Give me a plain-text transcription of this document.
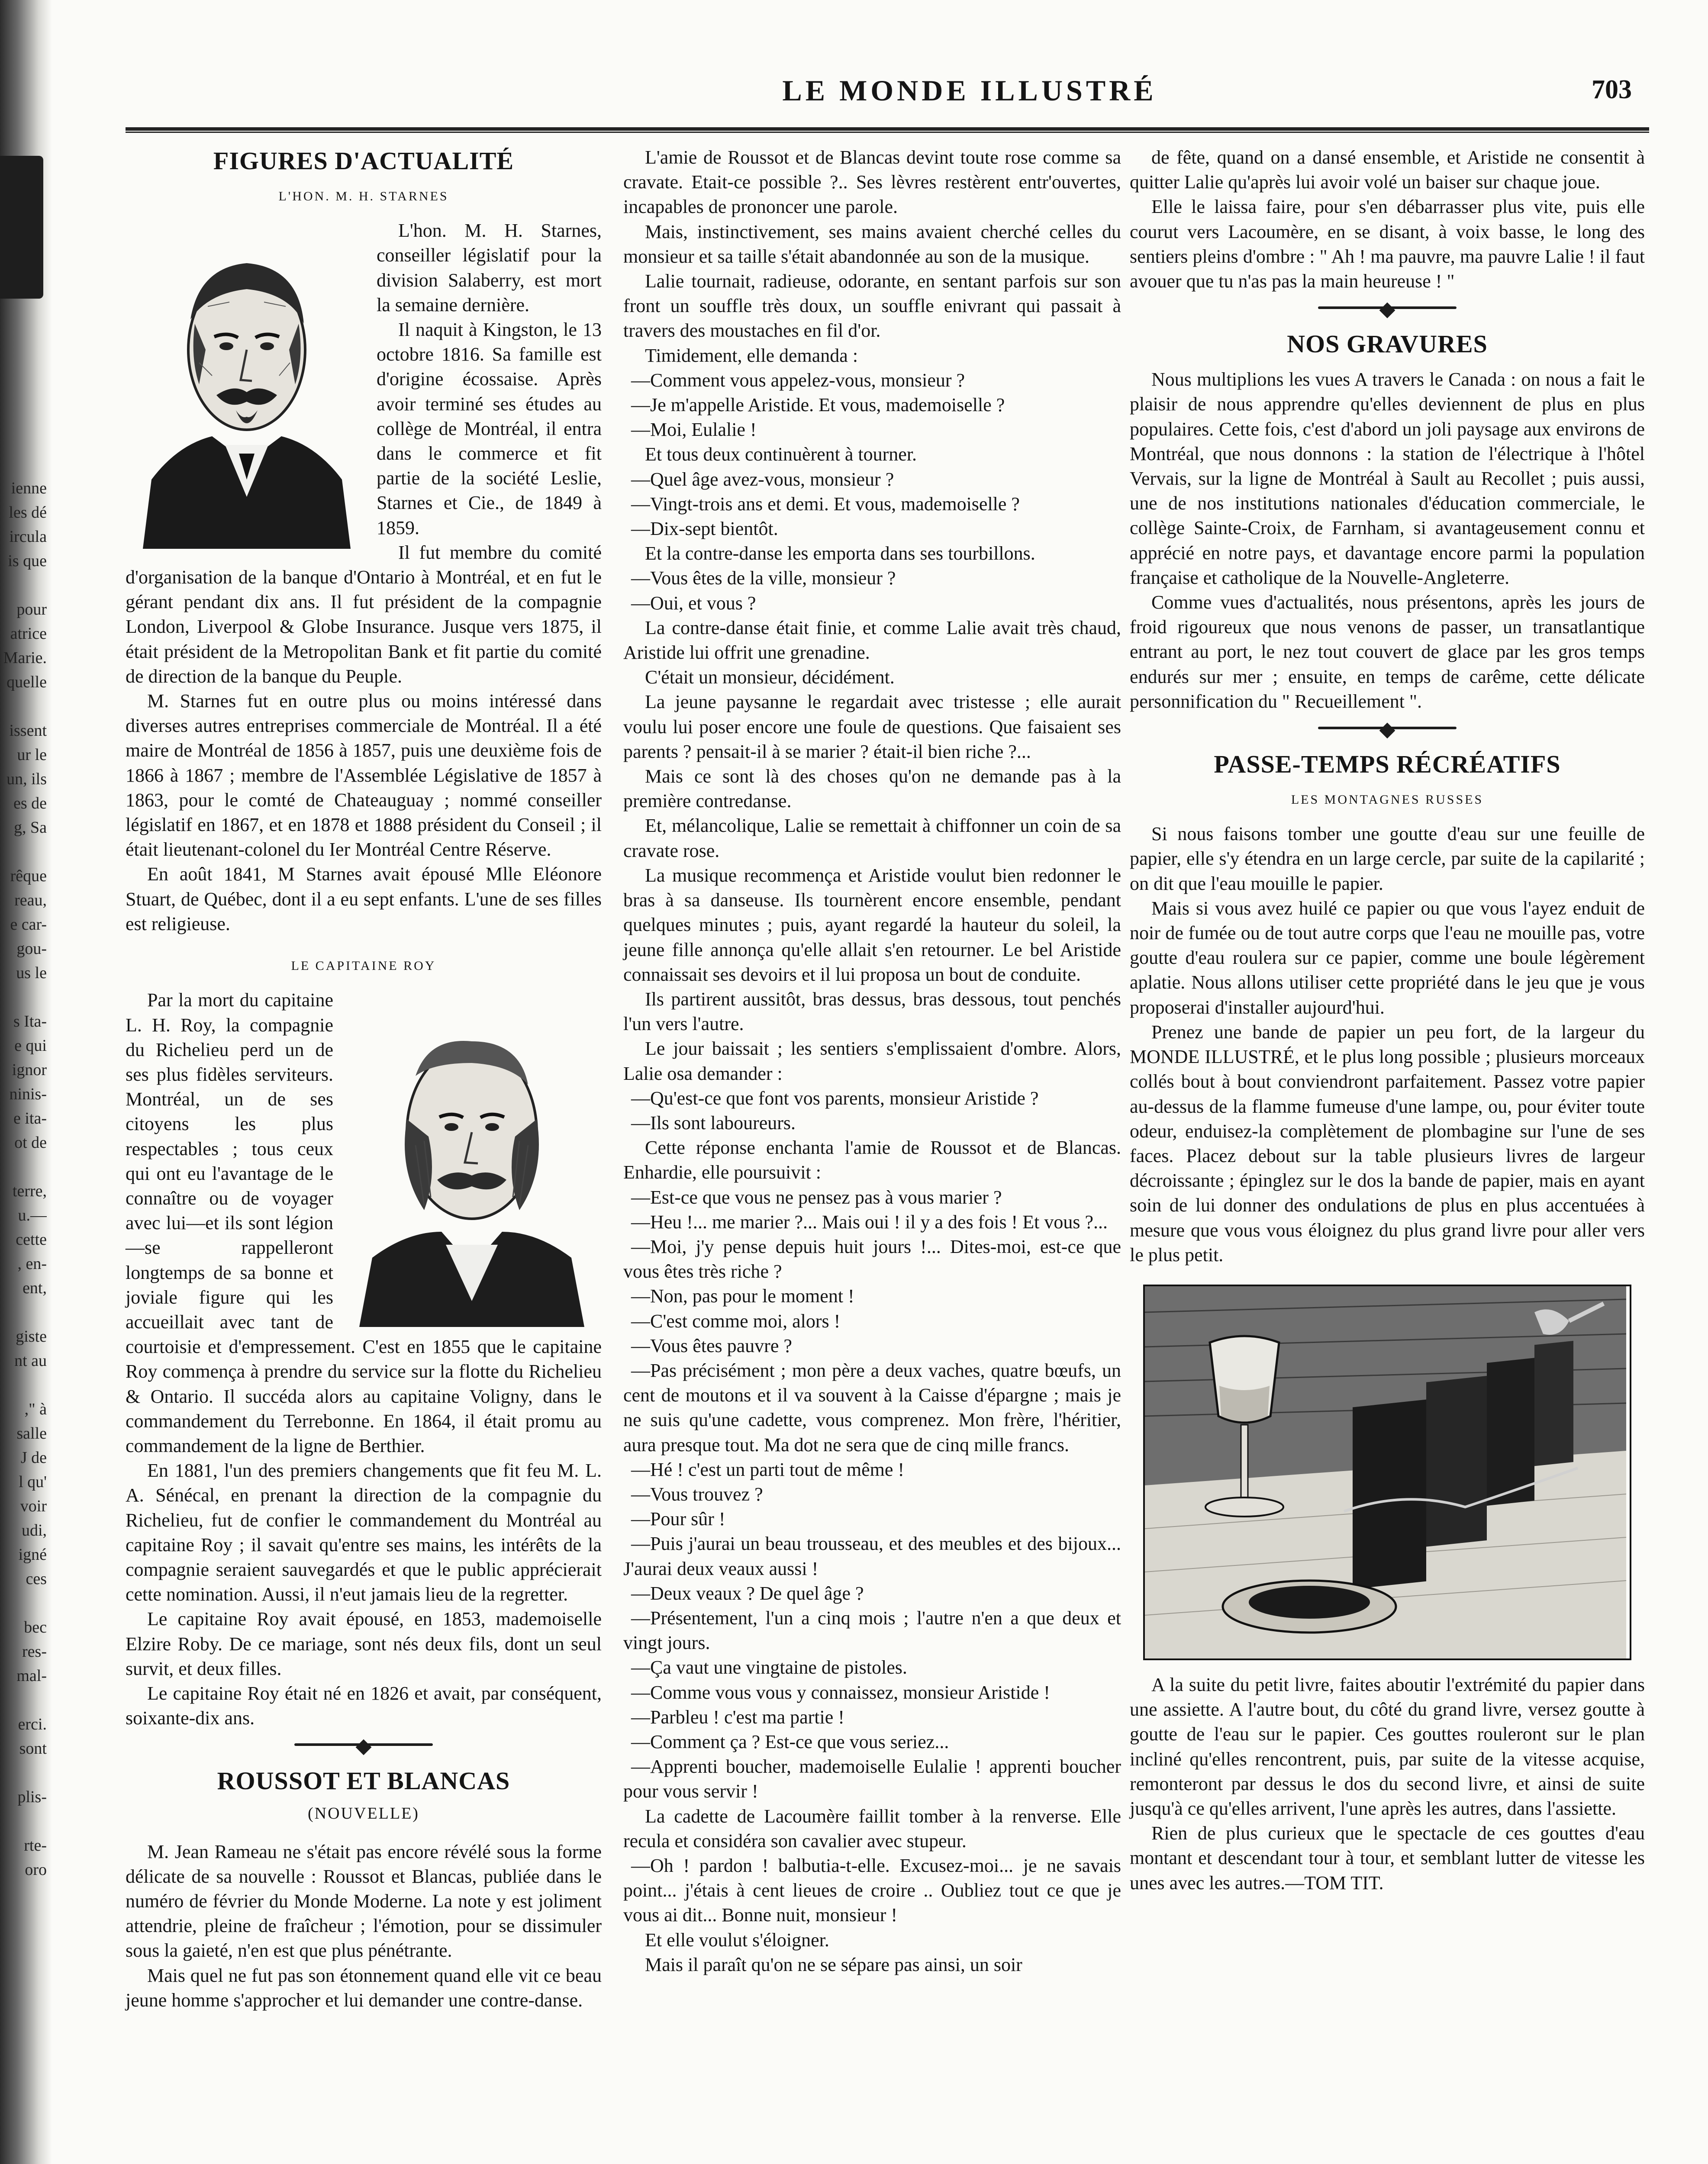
ienne
les dé
ircula
is que

pour
atrice
Marie.
quelle

issent
ur le
un, ils
es de
g, Sa

rêque
reau,
e car-
gou-
us le

s Ita-
e qui
ignor
ninis-
e ita-
ot de

terre,
u.—
cette
, en-
ent,

giste
nt au

," à
salle
J de
l qu'
voir
udi,
igné
ces

bec
res-
mal-

erci.
sont

plis-

rte-
oro
LE MONDE ILLUSTRÉ	703
FIGURES D'ACTUALITÉ
L'HON. M. H. STARNES

L'hon. M. H. Starnes, conseiller législatif pour la division Salaberry, est mort la semaine dernière.

Il naquit à Kingston, le 13 octobre 1816. Sa famille est d'origine écossaise. Après avoir terminé ses études au collège de Montréal, il entra dans le commerce et fit partie de la société Leslie, Starnes et Cie., de 1849 à 1859.

Il fut membre du comité d'organisation de la banque d'Ontario à Montréal, et en fut le gérant pendant dix ans. Il fut président de la compagnie London, Liverpool & Globe Insurance. Jusque vers 1875, il était président de la Metropolitan Bank et fit partie du comité de direction de la banque du Peuple.

M. Starnes fut en outre plus ou moins intéressé dans diverses autres entreprises commerciale de Montréal. Il a été maire de Montréal de 1856 à 1857, puis une deuxième fois de 1866 à 1867 ; membre de l'Assemblée Législative de 1857 à 1863, pour le comté de Chateauguay ; nommé conseiller législatif en 1867, et en 1878 et 1888 président du Conseil ; il était lieutenant-colonel du Ier Montréal Centre Réserve.

En août 1841, M Starnes avait épousé Mlle Eléonore Stuart, de Québec, dont il a eu sept enfants. L'une de ses filles est religieuse.

LE CAPITAINE ROY

Par la mort du capitaine L. H. Roy, la compagnie du Richelieu perd un de ses plus fidèles serviteurs. Montréal, un de ses citoyens les plus respectables ; tous ceux qui ont eu l'avantage de le connaître ou de voyager avec lui—et ils sont légion—se rappelleront longtemps de sa bonne et joviale figure qui les accueillait avec tant de courtoisie et d'empressement. C'est en 1855 que le capitaine Roy commença à prendre du service sur la flotte du Richelieu & Ontario. Il succéda alors au capitaine Voligny, dans le commandement du Terrebonne. En 1864, il était promu au commandement de la ligne de Berthier.

En 1881, l'un des premiers changements que fit feu M. L. A. Sénécal, en prenant la direction de la compagnie du Richelieu, fut de confier le commandement du Montréal au capitaine Roy ; il savait qu'entre ses mains, les intérêts de la compagnie seraient sauvegardés et que le public apprécierait cette nomination. Aussi, il n'eut jamais lieu de la regretter.

Le capitaine Roy avait épousé, en 1853, mademoiselle Elzire Roby. De ce mariage, sont nés deux fils, dont un seul survit, et deux filles.

Le capitaine Roy était né en 1826 et avait, par conséquent, soixante-dix ans.

ROUSSOT ET BLANCAS
(NOUVELLE)

M. Jean Rameau ne s'était pas encore révélé sous la forme délicate de sa nouvelle : Roussot et Blancas, publiée dans le numéro de février du Monde Moderne. La note y est joliment attendrie, pleine de fraîcheur ; l'émotion, pour se dissimuler sous la gaieté, n'en est que plus pénétrante.

Mais quel ne fut pas son étonnement quand elle vit ce beau jeune homme s'approcher et lui demander une contre-danse.

L'amie de Roussot et de Blancas devint toute rose comme sa cravate. Etait-ce possible ?.. Ses lèvres restèrent entr'ouvertes, incapables de prononcer une parole.

Mais, instinctivement, ses mains avaient cherché celles du monsieur et sa taille s'était abandonnée au son de la musique.

Lalie tournait, radieuse, odorante, en sentant parfois sur son front un souffle très doux, un souffle enivrant qui passait à travers des moustaches en fil d'or.

Timidement, elle demanda :

—Comment vous appelez-vous, monsieur ?

—Je m'appelle Aristide. Et vous, mademoiselle ?

—Moi, Eulalie !

Et tous deux continuèrent à tourner.

—Quel âge avez-vous, monsieur ?

—Vingt-trois ans et demi. Et vous, mademoiselle ?

—Dix-sept bientôt.

Et la contre-danse les emporta dans ses tourbillons.

—Vous êtes de la ville, monsieur ?

—Oui, et vous ?

La contre-danse était finie, et comme Lalie avait très chaud, Aristide lui offrit une grenadine.

C'était un monsieur, décidément.

La jeune paysanne le regardait avec tristesse ; elle aurait voulu lui poser encore une foule de questions. Que faisaient ses parents ? pensait-il à se marier ? était-il bien riche ?...

Mais ce sont là des choses qu'on ne demande pas à la première contredanse.

Et, mélancolique, Lalie se remettait à chiffonner un coin de sa cravate rose.

La musique recommença et Aristide voulut bien redonner le bras à sa danseuse. Ils tournèrent encore ensemble, pendant quelques minutes ; puis, ayant regardé la hauteur du soleil, la jeune fille annonça qu'elle allait s'en retourner. Le bel Aristide connaissait ses devoirs et il lui proposa un bout de conduite.

Ils partirent aussitôt, bras dessus, bras dessous, tout penchés l'un vers l'autre.

Le jour baissait ; les sentiers s'emplissaient d'ombre. Alors, Lalie osa demander :

—Qu'est-ce que font vos parents, monsieur Aristide ?

—Ils sont laboureurs.

Cette réponse enchanta l'amie de Roussot et de Blancas. Enhardie, elle poursuivit :

—Est-ce que vous ne pensez pas à vous marier ?

—Heu !... me marier ?... Mais oui ! il y a des fois ! Et vous ?...

—Moi, j'y pense depuis huit jours !... Dites-moi, est-ce que vous êtes très riche ?

—Non, pas pour le moment !

—C'est comme moi, alors !

—Vous êtes pauvre ?

—Pas précisément ; mon père a deux vaches, quatre bœufs, un cent de moutons et il va souvent à la Caisse d'épargne ; mais je ne suis qu'une cadette, vous comprenez. Mon frère, l'héritier, aura presque tout. Ma dot ne sera que de cinq mille francs.

—Hé ! c'est un parti tout de même !

—Vous trouvez ?

—Pour sûr !

—Puis j'aurai un beau trousseau, et des meubles et des bijoux... J'aurai deux veaux aussi !

—Deux veaux ? De quel âge ?

—Présentement, l'un a cinq mois ; l'autre n'en a que deux et vingt jours.

—Ça vaut une vingtaine de pistoles.

—Comme vous vous y connaissez, monsieur Aristide !

—Parbleu ! c'est ma partie !

—Comment ça ? Est-ce que vous seriez...

—Apprenti boucher, mademoiselle Eulalie ! apprenti boucher pour vous servir !

La cadette de Lacoumère faillit tomber à la renverse. Elle recula et considéra son cavalier avec stupeur.

—Oh ! pardon ! balbutia-t-elle. Excusez-moi... je ne savais point... j'étais à cent lieues de croire .. Oubliez tout ce que je vous ai dit... Bonne nuit, monsieur !

Et elle voulut s'éloigner.

Mais il paraît qu'on ne se sépare pas ainsi, un soir

de fête, quand on a dansé ensemble, et Aristide ne consentit à quitter Lalie qu'après lui avoir volé un baiser sur chaque joue.

Elle le laissa faire, pour s'en débarrasser plus vite, puis elle courut vers Lacoumère, en se disant, à voix basse, le long des sentiers pleins d'ombre : " Ah ! ma pauvre, ma pauvre Lalie ! il faut avouer que tu n'as pas la main heureuse ! "

NOS GRAVURES

Nous multiplions les vues A travers le Canada : on nous a fait le plaisir de nous apprendre qu'elles deviennent de plus en plus populaires. Cette fois, c'est d'abord un joli paysage aux environs de Montréal, que nous donnons : la station de l'électrique à l'hôtel Vervais, sur la ligne de Montréal à Sault au Recollet ; puis aussi, une de nos institutions nationales d'éducation commerciale, le collège Sainte-Croix, de Farnham, si avantageusement connu et apprécié en notre pays, et davantage encore parmi la population française et catholique de la Nouvelle-Angleterre.

Comme vues d'actualités, nous présentons, après les jours de froid rigoureux que nous venons de passer, un transatlantique entrant au port, le nez tout couvert de glace par les gros temps endurés sur mer ; ensuite, en temps de carême, cette délicate personnification du " Recueillement ".

PASSE-TEMPS RÉCRÉATIFS
LES MONTAGNES RUSSES

Si nous faisons tomber une goutte d'eau sur une feuille de papier, elle s'y étendra en un large cercle, par suite de la capilarité ; on dit que l'eau mouille le papier.

Mais si vous avez huilé ce papier ou que vous l'ayez enduit de noir de fumée ou de tout autre corps que l'eau ne mouille pas, votre goutte d'eau roulera sur ce papier, comme une boule légèrement aplatie. Nous allons utiliser cette propriété dans le jeu que je vous proposerai d'installer aujourd'hui.

Prenez une bande de papier un peu fort, de la largeur du MONDE ILLUSTRÉ, et le plus long possible ; plusieurs morceaux collés bout à bout conviendront parfaitement. Passez votre papier au-dessus de la flamme fumeuse d'une lampe, ou, pour éviter toute odeur, enduisez-la complètement de plombagine sur l'une de ses faces. Placez debout sur la table plusieurs livres de largeur décroissante ; épinglez sur le dos la bande de papier, mais en ayant soin de lui donner des ondulations de plus en plus accentuées à mesure que vous vous éloignez du plus grand livre pour aller vers le plus petit.

A la suite du petit livre, faites aboutir l'extrémité du papier dans une assiette. A l'autre bout, du côté du grand livre, versez goutte à goutte de l'eau sur le papier. Ces gouttes rouleront sur le plan incliné qu'elles rencontrent, puis, par suite de la vitesse acquise, remonteront par dessus le dos du second livre, et ainsi de suite jusqu'à ce qu'elles arrivent, l'une après les autres, dans l'assiette.

Rien de plus curieux que le spectacle de ces gouttes d'eau montant et descendant tour à tour, et semblant lutter de vitesse les unes avec les autres.—TOM TIT.
